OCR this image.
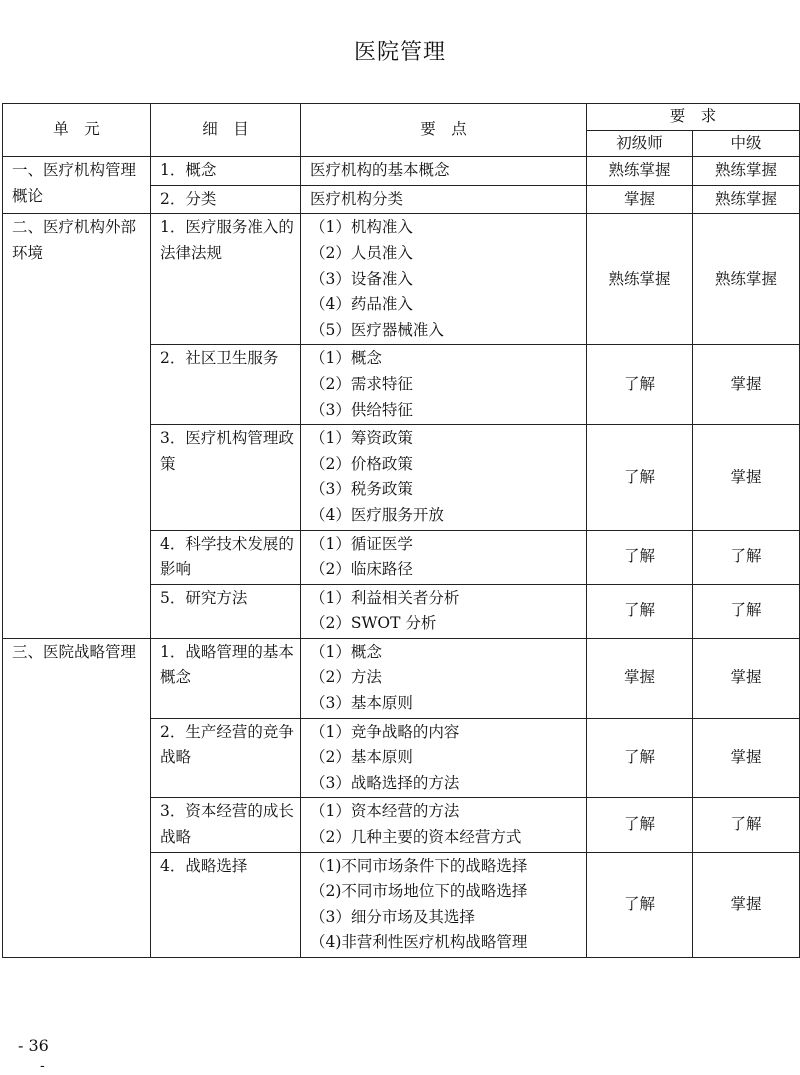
医院管理
单　元	细　目	要　点	要　求	
			初级师	中级
一、医疗机构管理概论	1．概念	医疗机构的基本概念	熟练掌握	熟练掌握
	2．分类	医疗机构分类	掌握	熟练掌握
二、医疗机构外部环境	1．医疗服务准入的法律法规	（1）机构准入
（2）人员准入
（3）设备准入
（4）药品准入
（5）医疗器械准入	熟练掌握	熟练掌握
	2．社区卫生服务	（1）概念
（2）需求特征
（3）供给特征	了解	掌握
	3．医疗机构管理政策	（1）筹资政策
（2）价格政策
（3）税务政策
（4）医疗服务开放	了解	掌握
	4．科学技术发展的影响	（1）循证医学
（2）临床路径	了解	了解
	5．研究方法	（1）利益相关者分析
（2）SWOT 分析	了解	了解
三、医院战略管理	1．战略管理的基本概念	（1）概念
（2）方法
（3）基本原则	掌握	掌握
	2．生产经营的竞争战略	（1）竞争战略的内容
（2）基本原则
（3）战略选择的方法	了解	掌握
	3．资本经营的成长战略	（1）资本经营的方法
（2）几种主要的资本经营方式	了解	了解
	4．战略选择	（1)不同市场条件下的战略选择
（2)不同市场地位下的战略选择
（3）细分市场及其选择
（4)非营利性医疗机构战略管理	了解	掌握
- 36
-
